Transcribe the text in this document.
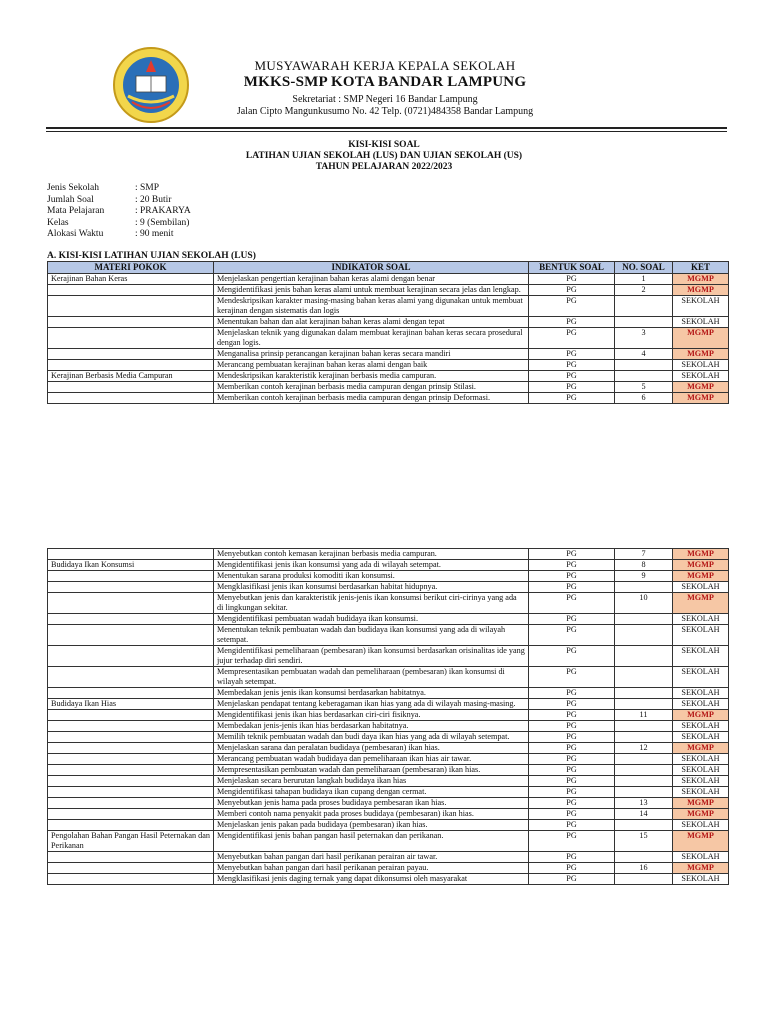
MUSYAWARAH KERJA KEPALA SEKOLAH
MKKS-SMP KOTA BANDAR LAMPUNG
Sekretariat : SMP Negeri 16 Bandar Lampung
Jalan Cipto Mangunkusumo No. 42 Telp. (0721)484358 Bandar Lampung
KISI-KISI SOAL
LATIHAN UJIAN SEKOLAH (LUS) DAN UJIAN SEKOLAH (US)
TAHUN PELAJARAN 2022/2023
Jenis Sekolah	: SMP
Jumlah Soal	: 20 Butir
Mata Pelajaran	: PRAKARYA
Kelas	: 9 (Sembilan)
Alokasi Waktu	: 90 menit
A. KISI-KISI LATIHAN UJIAN SEKOLAH (LUS)
MATERI POKOK	INDIKATOR SOAL	BENTUK SOAL	NO. SOAL	KET
Kerajinan Bahan Keras	Menjelaskan pengertian kerajinan bahan keras alami dengan benar	PG	1	MGMP
	Mengidentifikasi jenis bahan keras alami untuk membuat kerajinan secara jelas dan lengkap.	PG	2	MGMP
	Mendeskripsikan karakter masing-masing bahan keras alami yang digunakan untuk membuat kerajinan dengan sistematis dan logis	PG		SEKOLAH
	Menentukan bahan dan alat kerajinan bahan keras alami dengan tepat	PG		SEKOLAH
	Menjelaskan teknik yang digunakan dalam membuat kerajinan bahan keras secara prosedural dengan logis.	PG	3	MGMP
	Menganalisa prinsip perancangan kerajinan bahan keras secara mandiri	PG	4	MGMP
	Merancang pembuatan kerajinan bahan keras alami dengan baik	PG		SEKOLAH
Kerajinan Berbasis Media Campuran	Mendeskripsikan karakteristik kerajinan berbasis media campuran.	PG		SEKOLAH
	Memberikan contoh kerajinan berbasis media campuran dengan prinsip Stilasi.	PG	5	MGMP
	Memberikan contoh kerajinan berbasis media campuran dengan prinsip Deformasi.	PG	6	MGMP
	Menyebutkan contoh kemasan kerajinan berbasis media campuran.	PG	7	MGMP
Budidaya Ikan Konsumsi	Mengidentifikasi jenis ikan konsumsi yang ada di wilayah setempat.	PG	8	MGMP
	Menentukan sarana produksi komoditi ikan konsumsi.	PG	9	MGMP
	Mengklasifikasi jenis ikan konsumsi berdasarkan habitat hidupnya.	PG		SEKOLAH
	Menyebutkan jenis dan karakteristik jenis-jenis ikan konsumsi berikut ciri-cirinya yang ada di lingkungan sekitar.	PG	10	MGMP
	Mengidentifikasi pembuatan wadah budidaya ikan konsumsi.	PG		SEKOLAH
	Menentukan teknik pembuatan wadah dan budidaya ikan konsumsi yang ada di wilayah setempat.	PG		SEKOLAH
	Mengidentifikasi pemeliharaan (pembesaran) ikan konsumsi berdasarkan orisinalitas ide yang jujur terhadap diri sendiri.	PG		SEKOLAH
	Mempresentasikan pembuatan wadah dan pemeliharaan (pembesaran) ikan konsumsi di wilayah setempat.	PG		SEKOLAH
	Membedakan jenis jenis ikan konsumsi berdasarkan habitatnya.	PG		SEKOLAH
Budidaya Ikan Hias	Menjelaskan pendapat tentang keberagaman ikan hias yang ada di wilayah masing-masing.	PG		SEKOLAH
	Mengidentifikasi jenis ikan hias berdasarkan ciri-ciri fisiknya.	PG	11	MGMP
	Membedakan jenis-jenis ikan hias berdasarkan habitatnya.	PG		SEKOLAH
	Memilih teknik pembuatan wadah dan budi daya ikan hias yang ada di wilayah setempat.	PG		SEKOLAH
	Menjelaskan sarana dan peralatan budidaya (pembesaran) ikan hias.	PG	12	MGMP
	Merancang pembuatan wadah budidaya dan pemeliharaan ikan hias air tawar.	PG		SEKOLAH
	Mempresentasikan pembuatan wadah dan pemeliharaan (pembesaran) ikan hias.	PG		SEKOLAH
	Menjelaskan secara berurutan langkah budidaya ikan hias	PG		SEKOLAH
	Mengidentifikasi tahapan budidaya ikan cupang dengan cermat.	PG		SEKOLAH
	Menyebutkan jenis hama pada proses budidaya pembesaran ikan hias.	PG	13	MGMP
	Memberi contoh nama penyakit pada proses budidaya (pembesaran) ikan hias.	PG	14	MGMP
	Menjelaskan jenis pakan pada budidaya (pembesaran) ikan hias.	PG		SEKOLAH
Pengolahan Bahan Pangan Hasil Peternakan dan Perikanan	Mengidentifikasi jenis bahan pangan hasil peternakan dan perikanan.	PG	15	MGMP
	Menyebutkan bahan pangan dari hasil perikanan perairan air tawar.	PG		SEKOLAH
	Menyebutkan bahan pangan dari hasil perikanan perairan payau.	PG	16	MGMP
	Mengklasifikasi jenis daging ternak yang dapat dikonsumsi oleh masyarakat	PG		SEKOLAH
